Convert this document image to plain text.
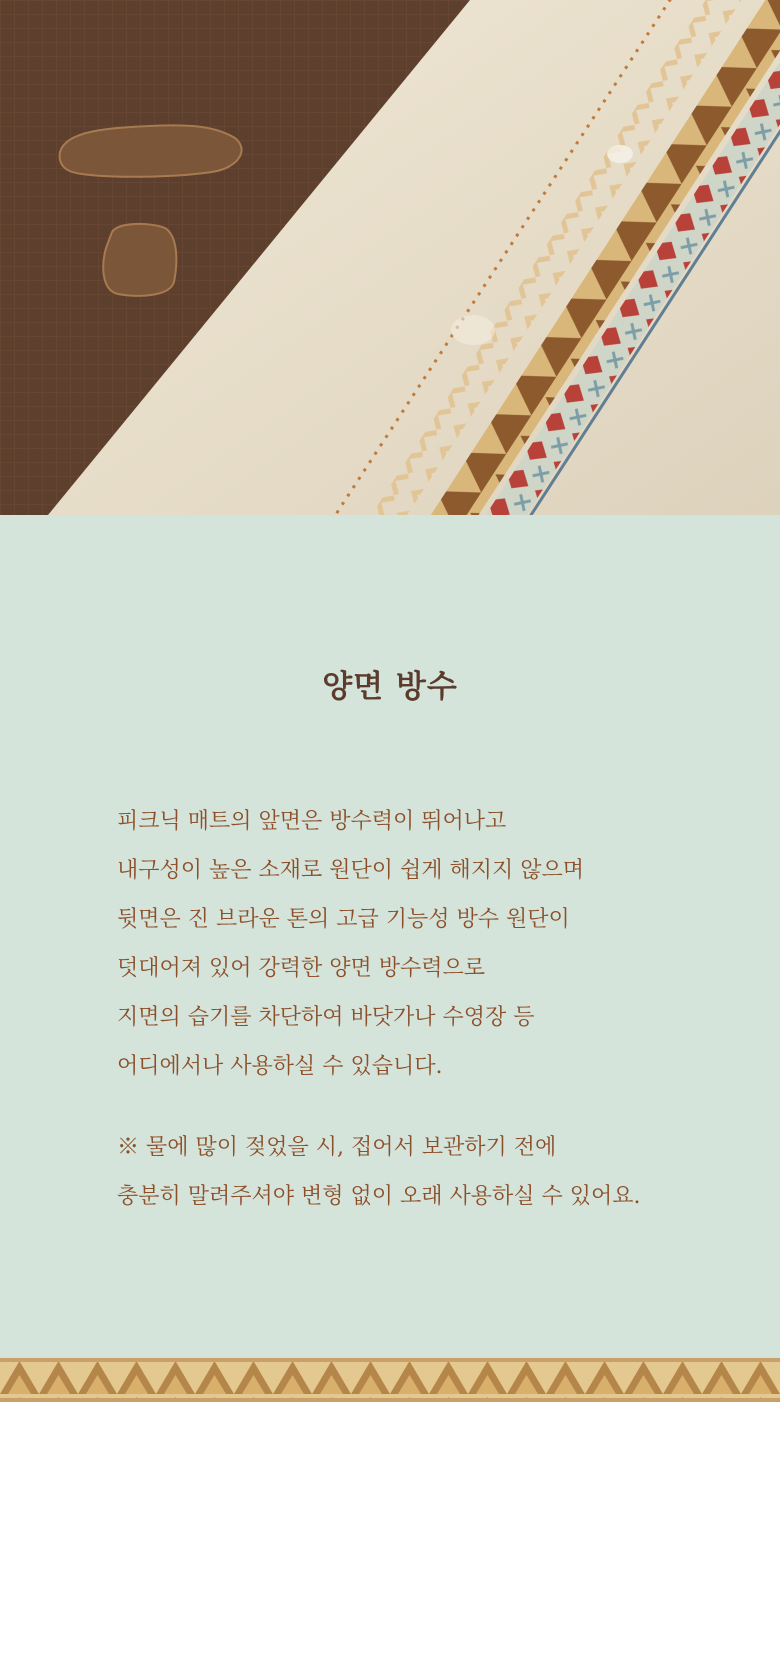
양면 방수
피크닉 매트의 앞면은 방수력이 뛰어나고
내구성이 높은 소재로 원단이 쉽게 해지지 않으며
뒷면은 진 브라운 톤의 고급 기능성 방수 원단이
덧대어져 있어 강력한 양면 방수력으로
지면의 습기를 차단하여 바닷가나 수영장 등
어디에서나 사용하실 수 있습니다.
※ 물에 많이 젖었을 시, 접어서 보관하기 전에
충분히 말려주셔야 변형 없이 오래 사용하실 수 있어요.
